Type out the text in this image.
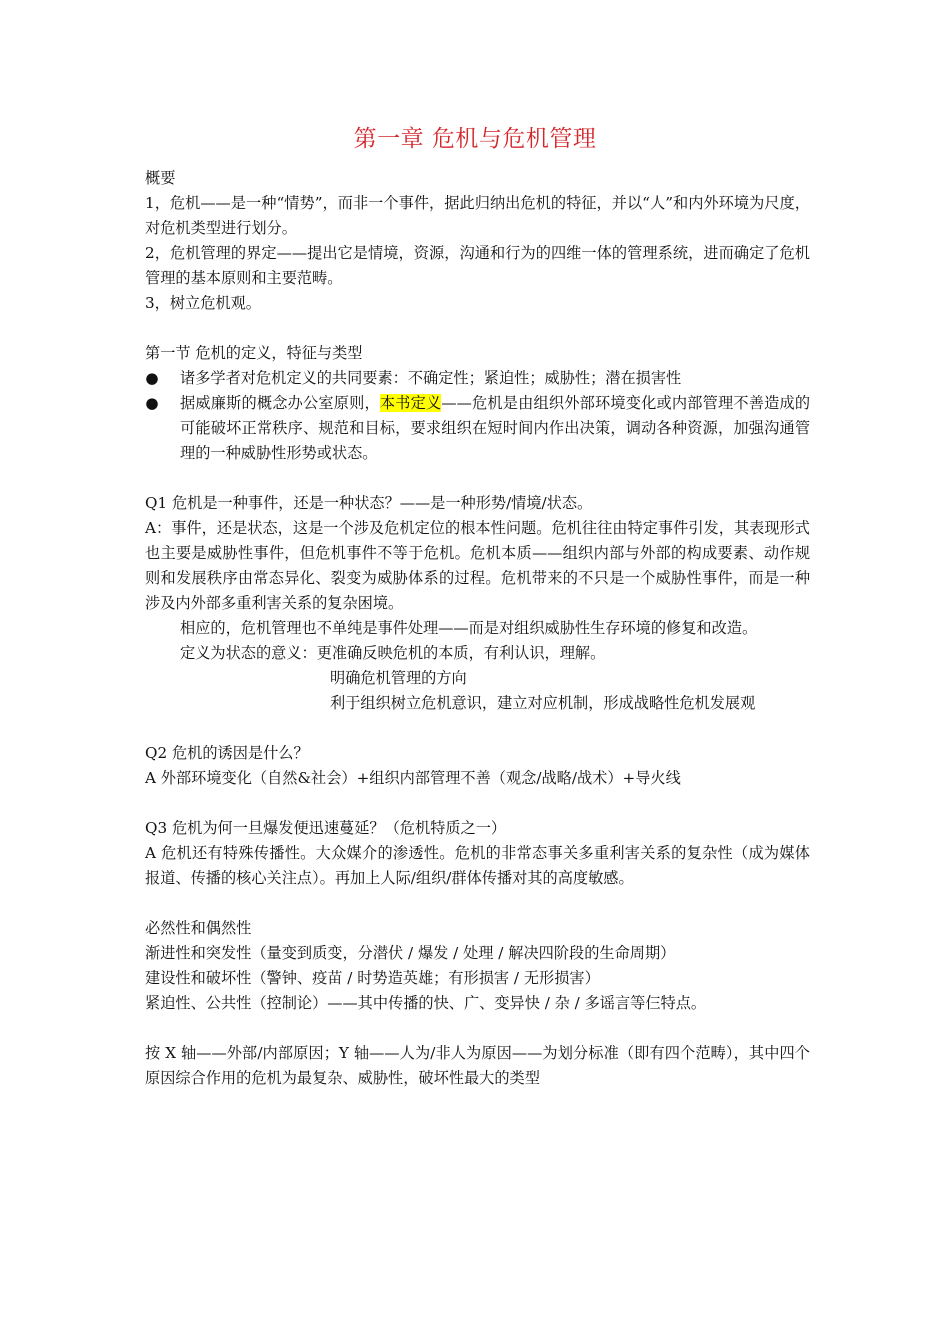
第一章 危机与危机管理

概要

1，危机——是一种“情势”，而非一个事件，据此归纳出危机的特征，并以“人”和内外环境为尺度，对危机类型进行划分。

2，危机管理的界定——提出它是情境，资源，沟通和行为的四维一体的管理系统，进而确定了危机管理的基本原则和主要范畴。

3，树立危机观。

第一节 危机的定义，特征与类型

● 诸多学者对危机定义的共同要素：不确定性；紧迫性；威胁性；潜在损害性
● 据威廉斯的概念办公室原则，本书定义——危机是由组织外部环境变化或内部管理不善造成的可能破坏正常秩序、规范和目标，要求组织在短时间内作出决策，调动各种资源，加强沟通管理的一种威胁性形势或状态。

Q1 危机是一种事件，还是一种状态？——是一种形势/情境/状态。

A：事件，还是状态，这是一个涉及危机定位的根本性问题。危机往往由特定事件引发，其表现形式也主要是威胁性事件，但危机事件不等于危机。危机本质——组织内部与外部的构成要素、动作规则和发展秩序由常态异化、裂变为威胁体系的过程。危机带来的不只是一个威胁性事件，而是一种涉及内外部多重利害关系的复杂困境。

相应的，危机管理也不单纯是事件处理——而是对组织威胁性生存环境的修复和改造。

定义为状态的意义：更准确反映危机的本质，有利认识，理解。

明确危机管理的方向

利于组织树立危机意识，建立对应机制，形成战略性危机发展观

Q2 危机的诱因是什么？

A 外部环境变化（自然&社会）+组织内部管理不善（观念/战略/战术）+导火线

Q3 危机为何一旦爆发便迅速蔓延？（危机特质之一）

A 危机还有特殊传播性。大众媒介的渗透性。危机的非常态事关多重利害关系的复杂性（成为媒体报道、传播的核心关注点）。再加上人际/组织/群体传播对其的高度敏感。

必然性和偶然性

渐进性和突发性（量变到质变，分潜伏 / 爆发 / 处理 / 解决四阶段的生命周期）

建设性和破坏性（警钟、疫苗 / 时势造英雄；有形损害 / 无形损害）

紧迫性、公共性（控制论）——其中传播的快、广、变异快 / 杂 / 多谣言等仨特点。

按 X 轴——外部/内部原因；Y 轴——人为/非人为原因——为划分标准（即有四个范畴），其中四个原因综合作用的危机为最复杂、威胁性，破坏性最大的类型
